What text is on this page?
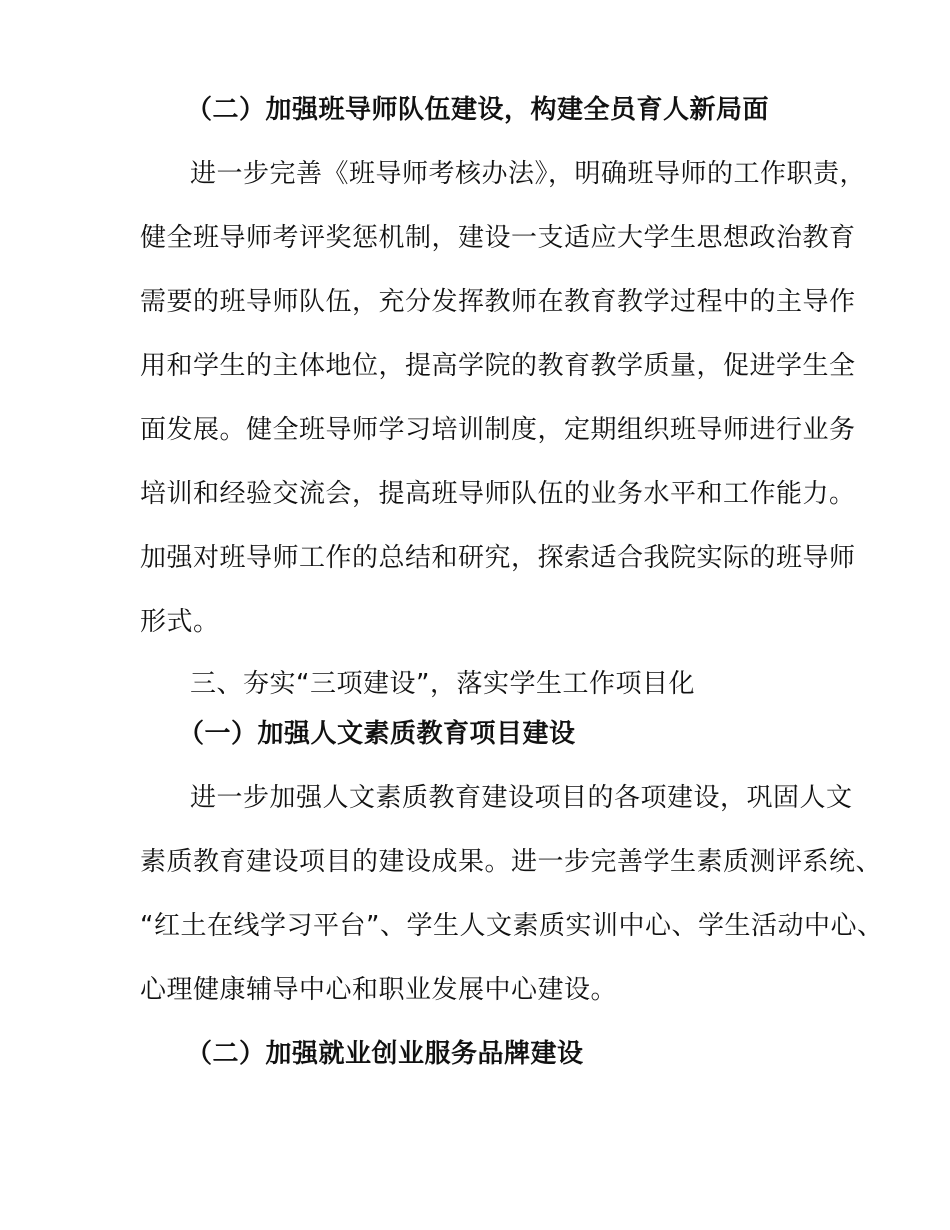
（二）加强班导师队伍建设，构建全员育人新局面
进一步完善《班导师考核办法》，明确班导师的工作职责，
健全班导师考评奖惩机制，建设一支适应大学生思想政治教育
需要的班导师队伍，充分发挥教师在教育教学过程中的主导作
用和学生的主体地位，提高学院的教育教学质量，促进学生全
面发展。健全班导师学习培训制度，定期组织班导师进行业务
培训和经验交流会，提高班导师队伍的业务水平和工作能力。
加强对班导师工作的总结和研究，探索适合我院实际的班导师
形式。
三、夯实“三项建设”，落实学生工作项目化
（一）加强人文素质教育项目建设
进一步加强人文素质教育建设项目的各项建设，巩固人文
素质教育建设项目的建设成果。进一步完善学生素质测评系统、
“红土在线学习平台”、学生人文素质实训中心、学生活动中心、
心理健康辅导中心和职业发展中心建设。
（二）加强就业创业服务品牌建设
